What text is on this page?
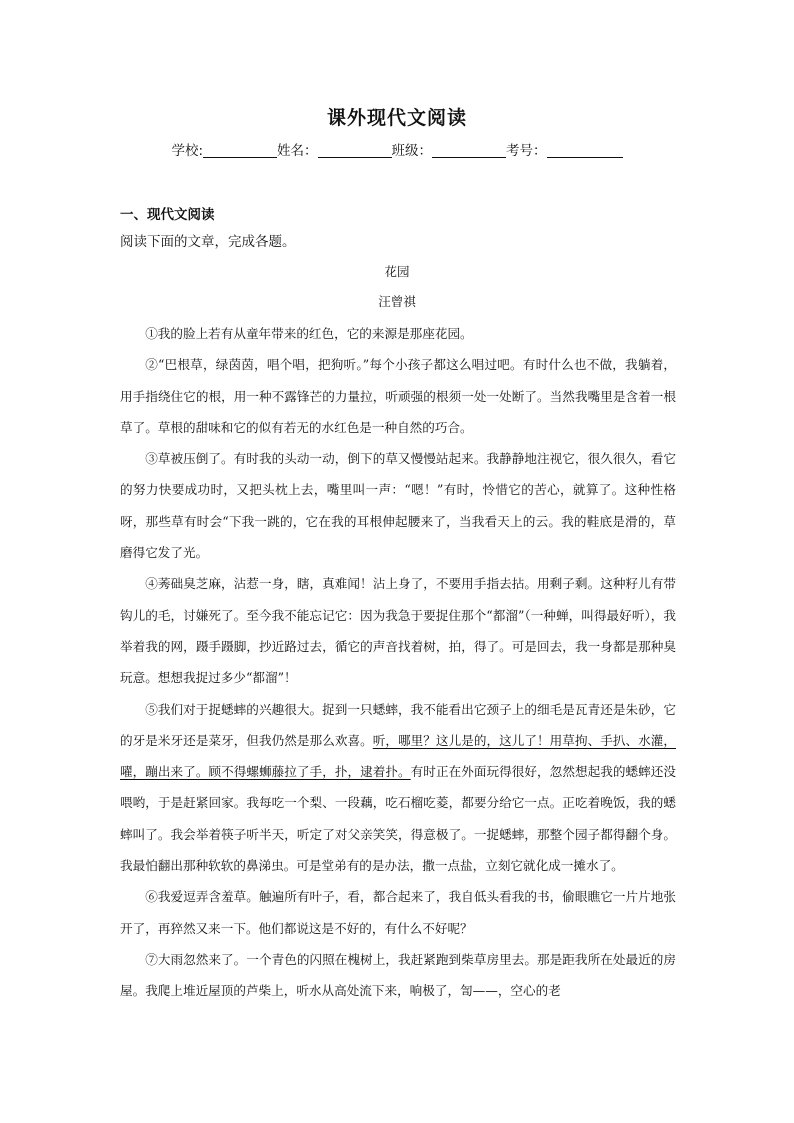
课外现代文阅读
学校:	姓名：	班级：	考号：
一、现代文阅读
阅读下面的文章，完成各题。
花园
汪曾祺

①我的脸上若有从童年带来的红色，它的来源是那座花园。

②“巴根草，绿茵茵，唱个唱，把狗听。”每个小孩子都这么唱过吧。有时什么也不做，我躺着，用手指绕住它的根，用一种不露锋芒的力量拉，听顽强的根须一处一处断了。当然我嘴里是含着一根草了。草根的甜味和它的似有若无的水红色是一种自然的巧合。

③草被压倒了。有时我的头动一动，倒下的草又慢慢站起来。我静静地注视它，很久很久，看它的努力快要成功时，又把头枕上去，嘴里叫一声：“嗯！”有时，怜惜它的苦心，就算了。这种性格呀，那些草有时会“下我一跳的，它在我的耳根伸起腰来了，当我看天上的云。我的鞋底是滑的，草磨得它发了光。

④莠础臭芝麻，沾惹一身，瞎，真难闻！沾上身了，不要用手指去拈。用剩子剩。这种籽儿有带钩儿的毛，讨嫌死了。至今我不能忘记它：因为我急于要捉住那个“都溜”（一种蝉，叫得最好听），我举着我的网，蹑手蹑脚，抄近路过去，循它的声音找着树，拍，得了。可是回去，我一身都是那种臭玩意。想想我捉过多少“都溜”！

⑤我们对于捉蟋蟀的兴趣很大。捉到一只蟋蟀，我不能看出它颈子上的细毛是瓦青还是朱砂，它的牙是米牙还是菜牙，但我仍然是那么欢喜。听，哪里？这儿是的，这儿了！用草拘、手扒、水灌，嚁，蹦出来了。顾不得螺蛳藤拉了手，扑，逮着扑。有时正在外面玩得很好，忽然想起我的蟋蟀还没喂哟，于是赶紧回家。我每吃一个梨、一段藕，吃石榴吃菱，都要分给它一点。正吃着晚饭，我的蟋蟀叫了。我会举着筷子听半天，听定了对父亲笑笑，得意极了。一捉蟋蟀，那整个园子都得翻个身。我最怕翻出那种软软的鼻涕虫。可是堂弟有的是办法，撒一点盐，立刻它就化成一摊水了。

⑥我爱逗弄含羞草。触遍所有叶子，看，都合起来了，我自低头看我的书，偷眼瞧它一片片地张开了，再猝然又来一下。他们都说这是不好的，有什么不好呢？

⑦大雨忽然来了。一个青色的闪照在槐树上，我赶紧跑到柴草房里去。那是距我所在处最近的房屋。我爬上堆近屋顶的芦柴上，听水从高处流下来，响极了，訇——，空心的老
